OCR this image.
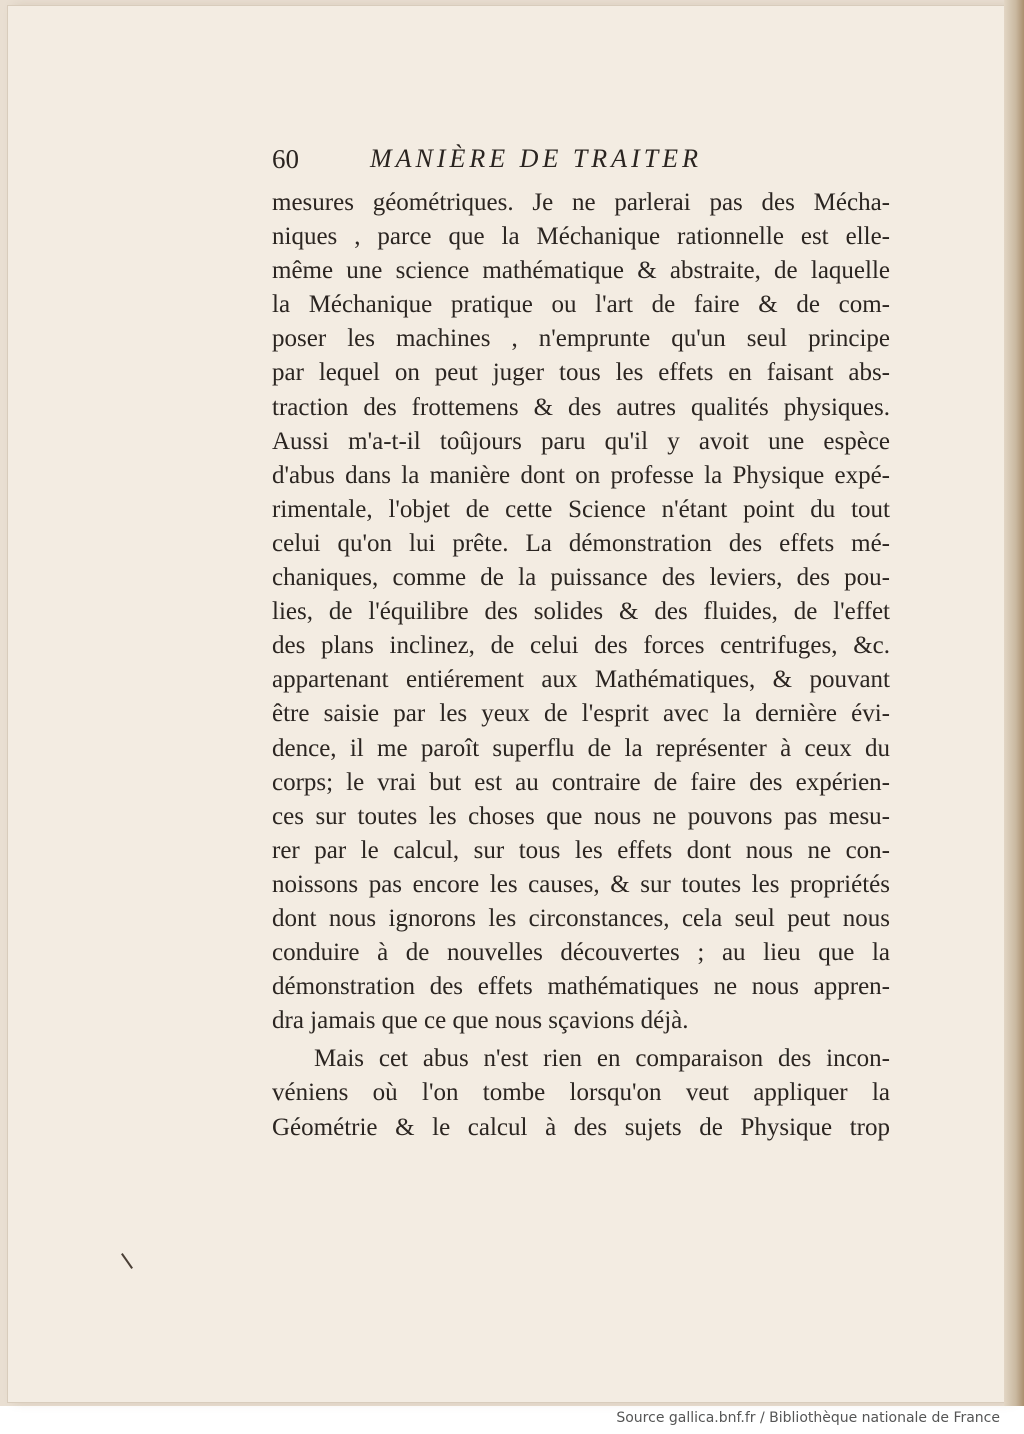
60	MANIÈRE DE TRAITER
mesures géométriques. Je ne parlerai pas des Mécha-
niques , parce que la Méchanique rationnelle est elle-
même une science mathématique & abstraite, de laquelle
la Méchanique pratique ou l'art de faire & de com-
poser les machines , n'emprunte qu'un seul principe
par lequel on peut juger tous les effets en faisant abs-
traction des frottemens & des autres qualités physiques.
Aussi m'a-t-il toûjours paru qu'il y avoit une espèce
d'abus dans la manière dont on professe la Physique expé-
rimentale, l'objet de cette Science n'étant point du tout
celui qu'on lui prête. La démonstration des effets mé-
chaniques, comme de la puissance des leviers, des pou-
lies, de l'équilibre des solides & des fluides, de l'effet
des plans inclinez, de celui des forces centrifuges, &c.
appartenant entiérement aux Mathématiques, & pouvant
être saisie par les yeux de l'esprit avec la dernière évi-
dence, il me paroît superflu de la représenter à ceux du
corps; le vrai but est au contraire de faire des expérien-
ces sur toutes les choses que nous ne pouvons pas mesu-
rer par le calcul, sur tous les effets dont nous ne con-
noissons pas encore les causes, & sur toutes les propriétés
dont nous ignorons les circonstances, cela seul peut nous
conduire à de nouvelles découvertes ; au lieu que la
démonstration des effets mathématiques ne nous appren-
dra jamais que ce que nous sçavions déjà.
Mais cet abus n'est rien en comparaison des incon-
véniens où l'on tombe lorsqu'on veut appliquer la
Géométrie & le calcul à des sujets de Physique trop
Source gallica.bnf.fr / Bibliothèque nationale de France
